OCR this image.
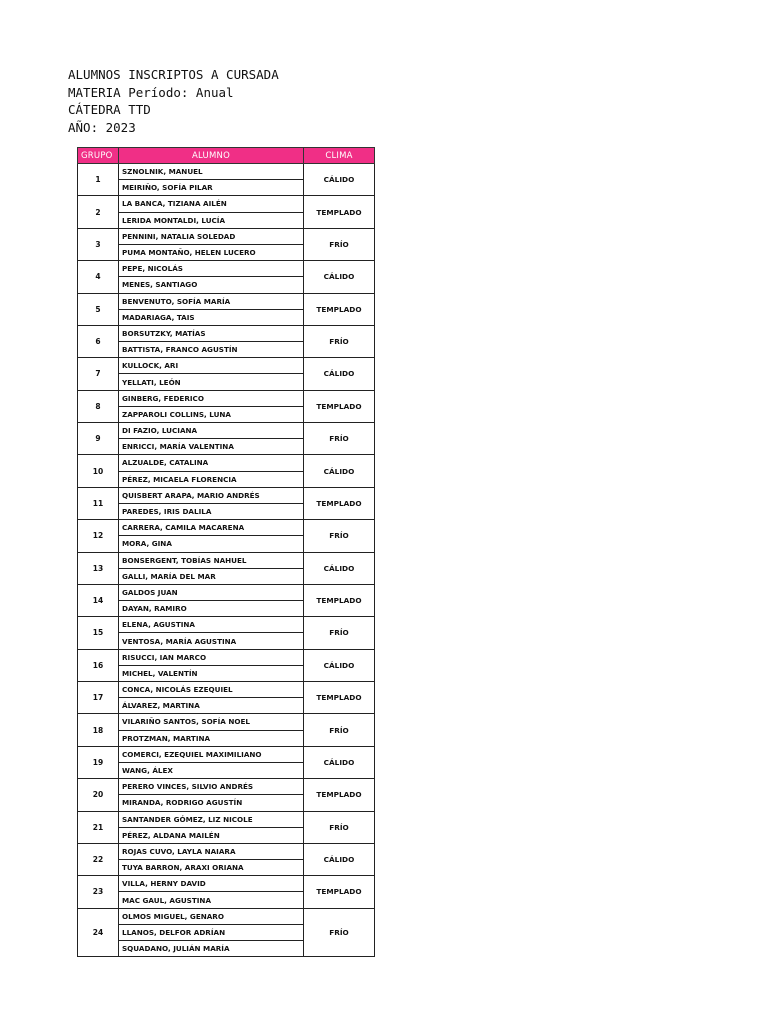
ALUMNOS INSCRIPTOS A CURSADA
MATERIA Período: Anual
CÁTEDRA TTD
AÑO: 2023
GRUPO	ALUMNO	CLIMA
1	SZNOLNIK, MANUEL	CÁLIDO
	MEIRIÑO, SOFÍA PILAR	
2	LA BANCA, TIZIANA AILÉN	TEMPLADO
	LERIDA MONTALDI, LUCÍA	
3	PENNINI, NATALIA SOLEDAD	FRÍO
	PUMA MONTAÑO, HELEN LUCERO	
4	PEPE, NICOLÁS	CÁLIDO
	MENES, SANTIAGO	
5	BENVENUTO, SOFÍA MARÍA	TEMPLADO
	MADARIAGA, TAIS	
6	BORSUTZKY, MATÍAS	FRÍO
	BATTISTA, FRANCO AGUSTÍN	
7	KULLOCK, ARI	CÁLIDO
	YELLATI, LEÓN	
8	GINBERG, FEDERICO	TEMPLADO
	ZAPPAROLI COLLINS, LUNA	
9	DI FAZIO, LUCIANA	FRÍO
	ENRICCI, MARÍA VALENTINA	
10	ALZUALDE, CATALINA	CÁLIDO
	PÉREZ, MICAELA FLORENCIA	
11	QUISBERT ARAPA, MARIO ANDRÉS	TEMPLADO
	PAREDES, IRIS DALILA	
12	CARRERA, CAMILA MACARENA	FRÍO
	MORA, GINA	
13	BONSERGENT, TOBÍAS NAHUEL	CÁLIDO
	GALLI, MARÍA DEL MAR	
14	GALDOS JUAN	TEMPLADO
	DAYAN, RAMIRO	
15	ELENA, AGUSTINA	FRÍO
	VENTOSA, MARÍA AGUSTINA	
16	RISUCCI, IAN MARCO	CÁLIDO
	MICHEL, VALENTÍN	
17	CONCA, NICOLÁS EZEQUIEL	TEMPLADO
	ÁLVAREZ, MARTINA	
18	VILARIÑO SANTOS, SOFÍA NOEL	FRÍO
	PROTZMAN, MARTINA	
19	COMERCI, EZEQUIEL MAXIMILIANO	CÁLIDO
	WANG, ÁLEX	
20	PERERO VINCES, SILVIO ANDRÉS	TEMPLADO
	MIRANDA, RODRIGO AGUSTÍN	
21	SANTANDER GÓMEZ, LIZ NICOLE	FRÍO
	PÉREZ, ALDANA MAILÉN	
22	ROJAS CUVO, LAYLA NAIARA	CÁLIDO
	TUYA BARRON, ARAXI ORIANA	
23	VILLA, HERNY DAVID	TEMPLADO
	MAC GAUL, AGUSTINA	
24	OLMOS MIGUEL, GENARO	FRÍO
	LLANOS, DELFOR ADRÍAN	
	SQUADANO, JULIÁN MARÍA	
